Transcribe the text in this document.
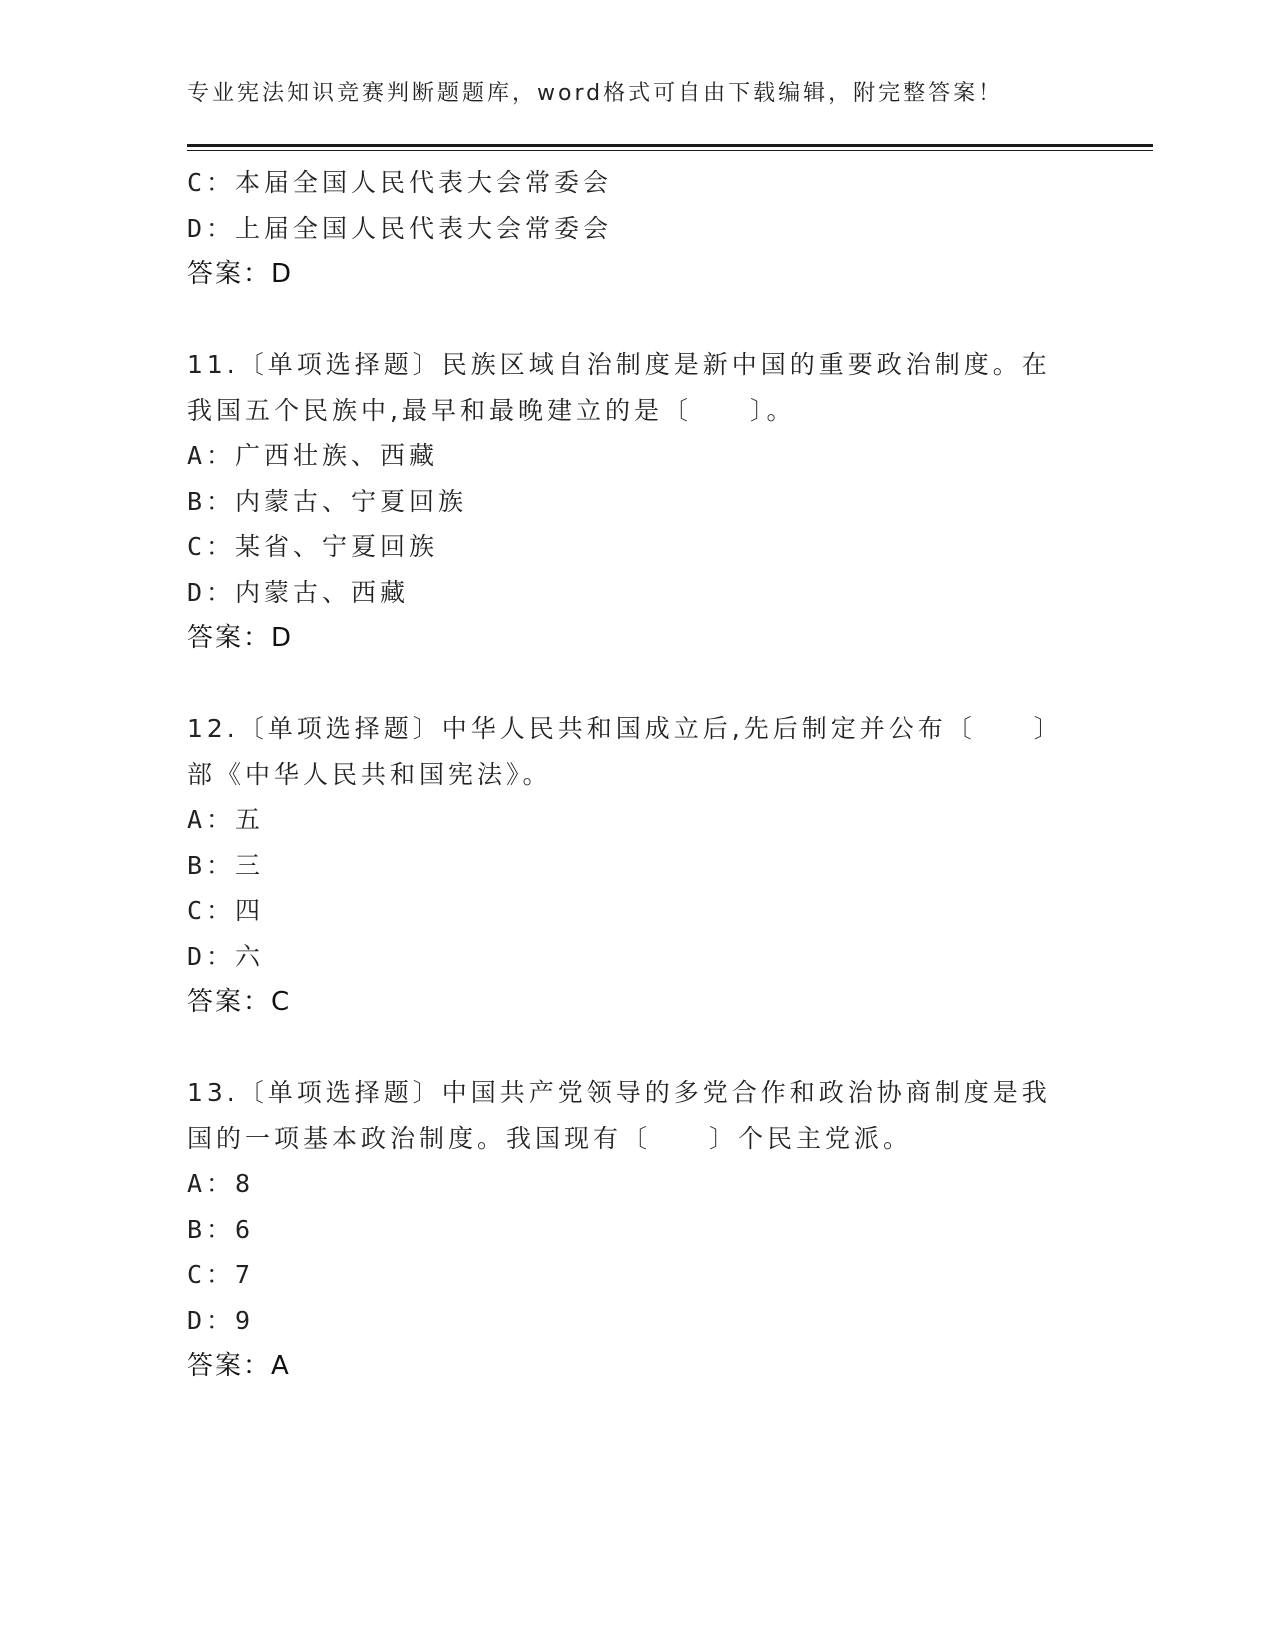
专业宪法知识竞赛判断题题库，word格式可自由下载编辑，附完整答案！
C：本届全国人民代表大会常委会
D：上届全国人民代表大会常委会
答案：D
11.〔单项选择题〕民族区域自治制度是新中国的重要政治制度。在我国五个民族中,最早和最晚建立的是〔　　〕。
A：广西壮族、西藏
B：内蒙古、宁夏回族
C：某省、宁夏回族
D：内蒙古、西藏
答案：D
12.〔单项选择题〕中华人民共和国成立后,先后制定并公布〔　　〕部《中华人民共和国宪法》。
A：五
B：三
C：四
D：六
答案：C
13.〔单项选择题〕中国共产党领导的多党合作和政治协商制度是我国的一项基本政治制度。我国现有〔　　〕个民主党派。
A：8
B：6
C：7
D：9
答案：A
